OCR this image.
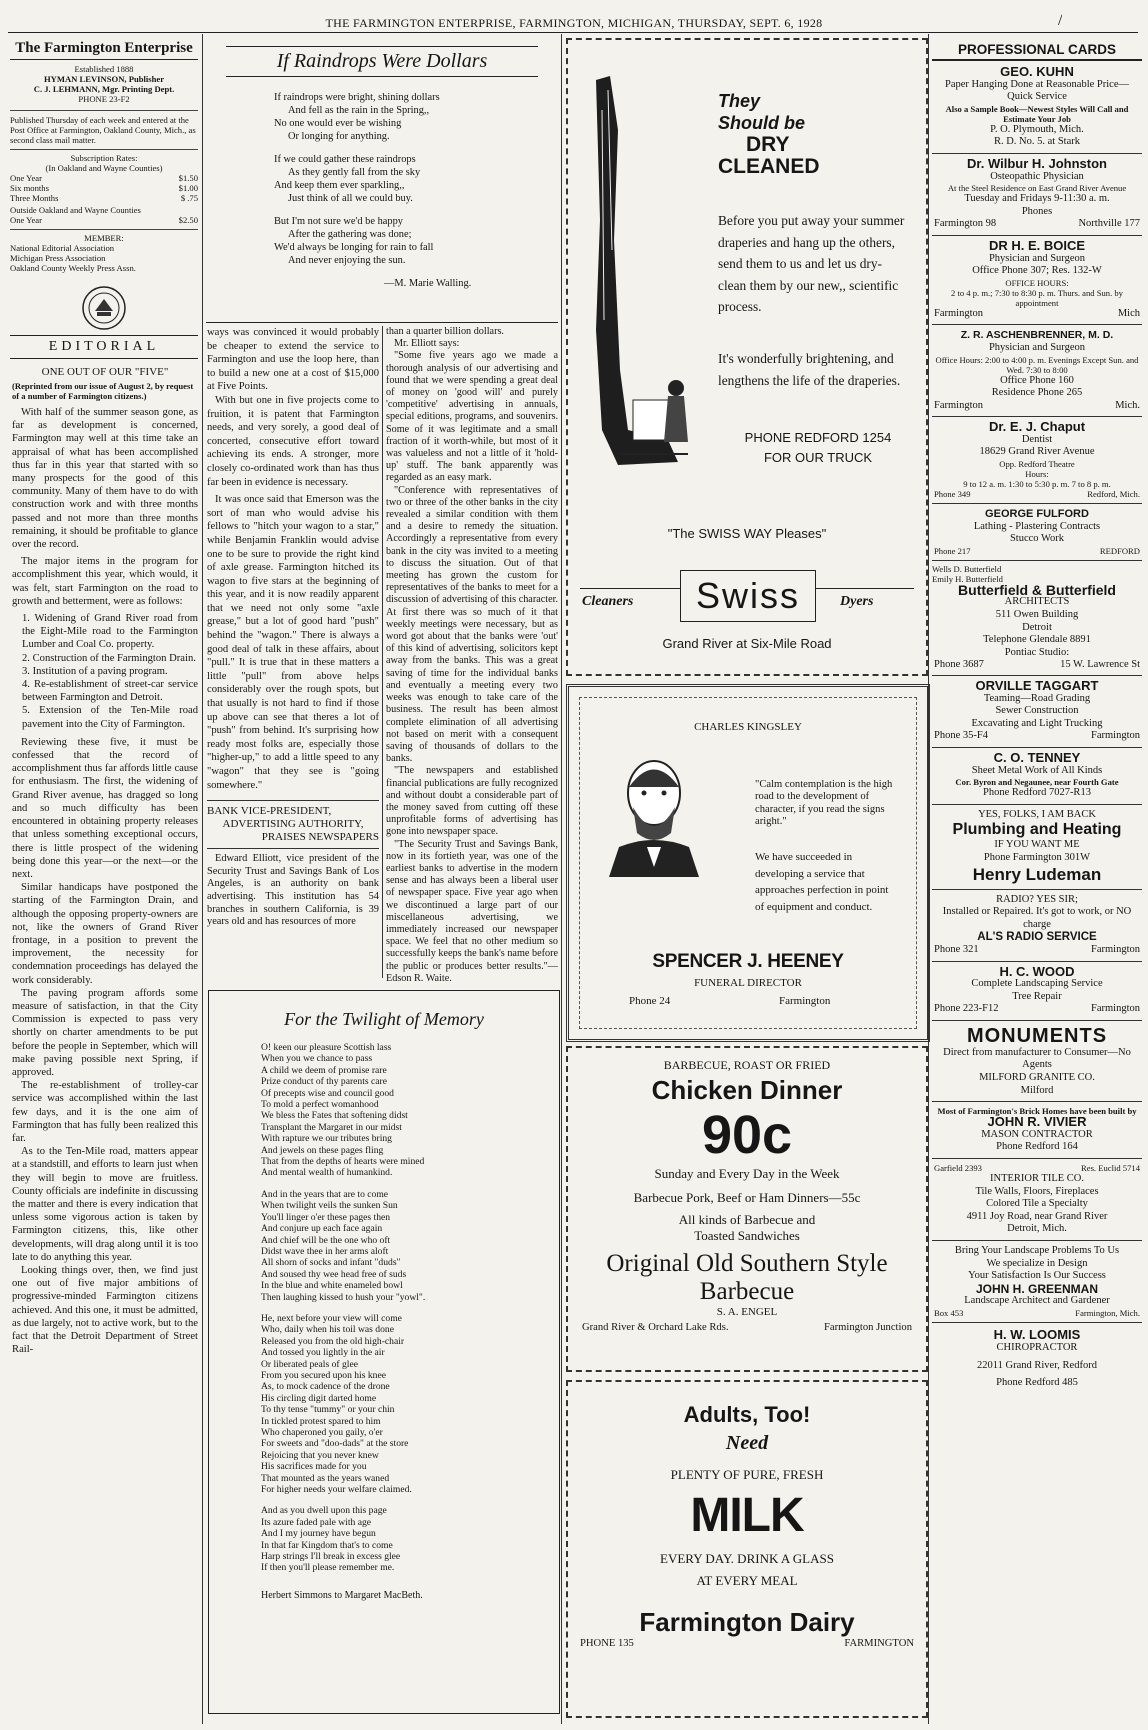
THE FARMINGTON ENTERPRISE, FARMINGTON, MICHIGAN, THURSDAY, SEPT. 6, 1928	/
The Farmington Enterprise
Established 1888
HYMAN LEVINSON, Publisher
C. J. LEHMANN, Mgr. Printing Dept.
PHONE 23-F2
Published Thursday of each week and entered at the Post Office at Farmington, Oakland County, Mich., as second class mail matter.
Subscription Rates:
(In Oakland and Wayne Counties)
One Year	$1.50
Six months	$1.00
Three Months	$ .75
Outside Oakland and Wayne Counties
One Year	$2.50
MEMBER:
National Editorial Association
Michigan Press Association
Oakland County Weekly Press Assn.
EDITORIAL
ONE OUT OF OUR "FIVE"
(Reprinted from our issue of August 2, by request of a number of Farmington citizens.)

With half of the summer season gone, as far as development is concerned, Farmington may well at this time take an appraisal of what has been accomplished thus far in this year that started with so many prospects for the good of this community. Many of them have to do with construction work and with three months passed and not more than three months remaining, it should be profitable to glance over the record.

The major items in the program for accomplishment this year, which would, it was felt, start Farmington on the road to growth and betterment, were as follows:

1. Widening of Grand River road from the Eight-Mile road to the Farmington Lumber and Coal Co. property.

2. Construction of the Farmington Drain.

3. Institution of a paving program.

4. Re-establishment of street-car service between Farmington and Detroit.

5. Extension of the Ten-Mile road pavement into the City of Farmington.

Reviewing these five, it must be confessed that the record of accomplishment thus far affords little cause for enthusiasm. The first, the widening of Grand River avenue, has dragged so long and so much difficulty has been encountered in obtaining property releases that unless something exceptional occurs, there is little prospect of the widening being done this year—or the next—or the next.

Similar handicaps have postponed the starting of the Farmington Drain, and although the opposing property-owners are not, like the owners of Grand River frontage, in a position to prevent the improvement, the necessity for condemnation proceedings has delayed the work considerably.

The paving program affords some measure of satisfaction, in that the City Commission is expected to pass very shortly on charter amendments to be put before the people in September, which will make paving possible next Spring, if approved.

The re-establishment of trolley-car service was accomplished within the last few days, and it is the one aim of Farmington that has fully been realized this far.

As to the Ten-Mile road, matters appear at a standstill, and efforts to learn just when they will begin to move are fruitless. County officials are indefinite in discussing the matter and there is every indication that unless some vigorous action is taken by Farmington citizens, this, like other developments, will drag along until it is too late to do anything this year.

Looking things over, then, we find just one out of five major ambitions of progressive-minded Farmington citizens achieved. And this one, it must be admitted, as due largely, not to active work, but to the fact that the Detroit Department of Street Rail-

If Raindrops Were Dollars
If raindrops were bright, shining dollars
And fell as the rain in the Spring,,
No one would ever be wishing
Or longing for anything.
If we could gather these raindrops
As they gently fall from the sky
And keep them ever sparkling,,
Just think of all we could buy.
But I'm not sure we'd be happy
After the gathering was done;
We'd always be longing for rain to fall
And never enjoying the sun.
—M. Marie Walling.

ways was convinced it would probably be cheaper to extend the service to Farmington and use the loop here, than to build a new one at a cost of $15,000 at Five Points.

With but one in five projects come to fruition, it is patent that Farmington needs, and very sorely, a good deal of concerted, consecutive effort toward achieving its ends. A stronger, more closely co-ordinated work than has thus far been in evidence is necessary.

It was once said that Emerson was the sort of man who would advise his fellows to "hitch your wagon to a star," while Benjamin Franklin would advise one to be sure to provide the right kind of axle grease. Farmington hitched its wagon to five stars at the beginning of this year, and it is now readily apparent that we need not only some "axle grease," but a lot of good hard "push" behind the "wagon." There is always a good deal of talk in these affairs, about "pull." It is true that in these matters a little "pull" from above helps considerably over the rough spots, but that usually is not hard to find if those up above can see that theres a lot of "push" from behind. It's surprising how ready most folks are, especially those "higher-up," to add a little speed to any "wagon" that they see is "going somewhere."

BANK VICE-PRESIDENT,
ADVERTISING AUTHORITY,
PRAISES NEWSPAPERS

Edward Elliott, vice president of the Security Trust and Savings Bank of Los Angeles, is an authority on bank advertising. This institution has 54 branches in southern California, is 39 years old and has resources of more

than a quarter billion dollars.

Mr. Elliott says:

"Some five years ago we made a thorough analysis of our advertising and found that we were spending a great deal of money on 'good will' and purely 'competitive' advertising in annuals, special editions, programs, and souvenirs. Some of it was legitimate and a small fraction of it worth-while, but most of it was valueless and not a little of it 'hold-up' stuff. The bank apparently was regarded as an easy mark.

"Conference with representatives of two or three of the other banks in the city revealed a similar condition with them and a desire to remedy the situation. Accordingly a representative from every bank in the city was invited to a meeting to discuss the situation. Out of that meeting has grown the custom for representatives of the banks to meet for a discussion of advertising of this character. At first there was so much of it that weekly meetings were necessary, but as word got about that the banks were 'out' of this kind of advertising, solicitors kept away from the banks. This was a great saving of time for the individual banks and eventually a meeting every two weeks was enough to take care of the business. The result has been almost complete elimination of all advertising not based on merit with a consequent saving of thousands of dollars to the banks.

"The newspapers and established financial publications are fully recognized and without doubt a considerable part of the money saved from cutting off these unprofitable forms of advertising has gone into newspaper space.

"The Security Trust and Savings Bank, now in its fortieth year, was one of the earliest banks to advertise in the modern sense and has always been a liberal user of newspaper space. Five year ago when we discontinued a large part of our miscellaneous advertising, we immediately increased our newspaper space. We feel that no other medium so successfully keeps the bank's name before the public or produces better results."—Edson R. Waite.

For the Twilight of Memory
O! keen our pleasure Scottish lass
When you we chance to pass
A child we deem of promise rare
Prize conduct of thy parents care
Of precepts wise and council good
To mold a perfect womanhood
We bless the Fates that softening didst
Transplant the Margaret in our midst
With rapture we our tributes bring
And jewels on these pages fling
That from the depths of hearts were mined
And mental wealth of humankind.
And in the years that are to come
When twilight veils the sunken Sun
You'll linger o'er these pages then
And conjure up each face again
And chief will be the one who oft
Didst wave thee in her arms aloft
All shorn of socks and infant "duds"
And soused thy wee head free of suds
In the blue and white enameled bowl
Then laughing kissed to hush your "yowl".
He, next before your view will come
Who, daily when his toil was done
Released you from the old high-chair
And tossed you lightly in the air
Or liberated peals of glee
From you secured upon his knee
As, to mock cadence of the drone
His circling digit darted home
To thy tense "tummy" or your chin
In tickled protest spared to him
Who chaperoned you gaily, o'er
For sweets and "doo-dads" at the store
Rejoicing that you never knew
His sacrifices made for you
That mounted as the years waned
For higher needs your welfare claimed.
And as you dwell upon this page
Its azure faded pale with age
And I my journey have begun
In that far Kingdom that's to come
Harp strings I'll break in excess glee
If then you'll please remember me.
Herbert Simmons to Margaret MacBeth.
They
Should be
DRY
CLEANED
Before you put away your summer draperies and hang up the others, send them to us and let us dry-clean them by our new,, scientific process.
It's wonderfully brightening, and lengthens the life of the draperies.
PHONE REDFORD 1254
FOR OUR TRUCK
"The SWISS WAY Pleases"
Cleaners	Swiss	Dyers
Grand River at Six-Mile Road
CHARLES KINGSLEY
"Calm contemplation is the high road to the development of character, if you read the signs aright."
We have succeeded in developing a service that approaches perfection in point of equipment and conduct.
SPENCER J. HEENEY
FUNERAL DIRECTOR
Phone 24	Farmington
BARBECUE, ROAST OR FRIED
Chicken Dinner
90c
Sunday and Every Day in the Week
Barbecue Pork, Beef or Ham Dinners—55c
All kinds of Barbecue and
Toasted Sandwiches
Original Old Southern Style
Barbecue
S. A. ENGEL
Grand River & Orchard Lake Rds.	Farmington Junction
Adults, Too!
Need
PLENTY OF PURE, FRESH
MILK
EVERY DAY. DRINK A GLASS
AT EVERY MEAL
Farmington Dairy
PHONE 135	FARMINGTON
PROFESSIONAL CARDS
GEO. KUHN
Paper Hanging Done at Reasonable Price— Quick Service
Also a Sample Book—Newest Styles Will Call and Estimate Your Job
P. O. Plymouth, Mich.
R. D. No. 5. at Stark
Dr. Wilbur H. Johnston
Osteopathic Physician
At the Steel Residence on East Grand River Avenue
Tuesday and Fridays 9-11:30 a. m.
Phones
Farmington 98	Northville 177
DR H. E. BOICE
Physician and Surgeon
Office Phone 307; Res. 132-W
OFFICE HOURS:
2 to 4 p. m.; 7:30 to 8:30 p. m. Thurs. and Sun. by appointment
Farmington	Mich
Z. R. ASCHENBRENNER, M. D.
Physician and Surgeon
Office Hours: 2:00 to 4:00 p. m. Evenings Except Sun. and Wed. 7:30 to 8:00
Office Phone 160
Residence Phone 265
Farmington	Mich.
Dr. E. J. Chaput
Dentist
18629 Grand River Avenue
Opp. Redford Theatre
Hours:
9 to 12 a. m. 1:30 to 5:30 p. m. 7 to 8 p. m.
Phone 349	Redford, Mich.
GEORGE FULFORD
Lathing - Plastering Contracts
Stucco Work
Phone 217	REDFORD
Wells D. Butterfield
Emily H. Butterfield
Butterfield & Butterfield
ARCHITECTS
511 Owen Building
Detroit
Telephone Glendale 8891
Pontiac Studio:
Phone 3687	15 W. Lawrence St
ORVILLE TAGGART
Teaming—Road Grading
Sewer Construction
Excavating and Light Trucking
Phone 35-F4	Farmington
C. O. TENNEY
Sheet Metal Work of All Kinds
Cor. Byron and Negaunee, near Fourth Gate
Phone Redford 7027-R13
YES, FOLKS, I AM BACK
Plumbing and Heating
IF YOU WANT ME
Phone Farmington 301W
Henry Ludeman
RADIO? YES SIR;
Installed or Repaired. It's got to work, or NO charge
AL'S RADIO SERVICE
Phone 321	Farmington
H. C. WOOD
Complete Landscaping Service
Tree Repair
Phone 223-F12	Farmington
MONUMENTS
Direct from manufacturer to Consumer—No Agents
MILFORD GRANITE CO.
Milford
Most of Farmington's Brick Homes have been built by
JOHN R. VIVIER
MASON CONTRACTOR
Phone Redford 164
Garfield 2393	Res. Euclid 5714
INTERIOR TILE CO.
Tile Walls, Floors, Fireplaces
Colored Tile a Specialty
4911 Joy Road, near Grand River
Detroit, Mich.
Bring Your Landscape Problems To Us
We specialize in Design
Your Satisfaction Is Our Success
JOHN H. GREENMAN
Landscape Architect and Gardener
Box 453	Farmington, Mich.
H. W. LOOMIS
CHIROPRACTOR
22011 Grand River, Redford
Phone Redford 485
